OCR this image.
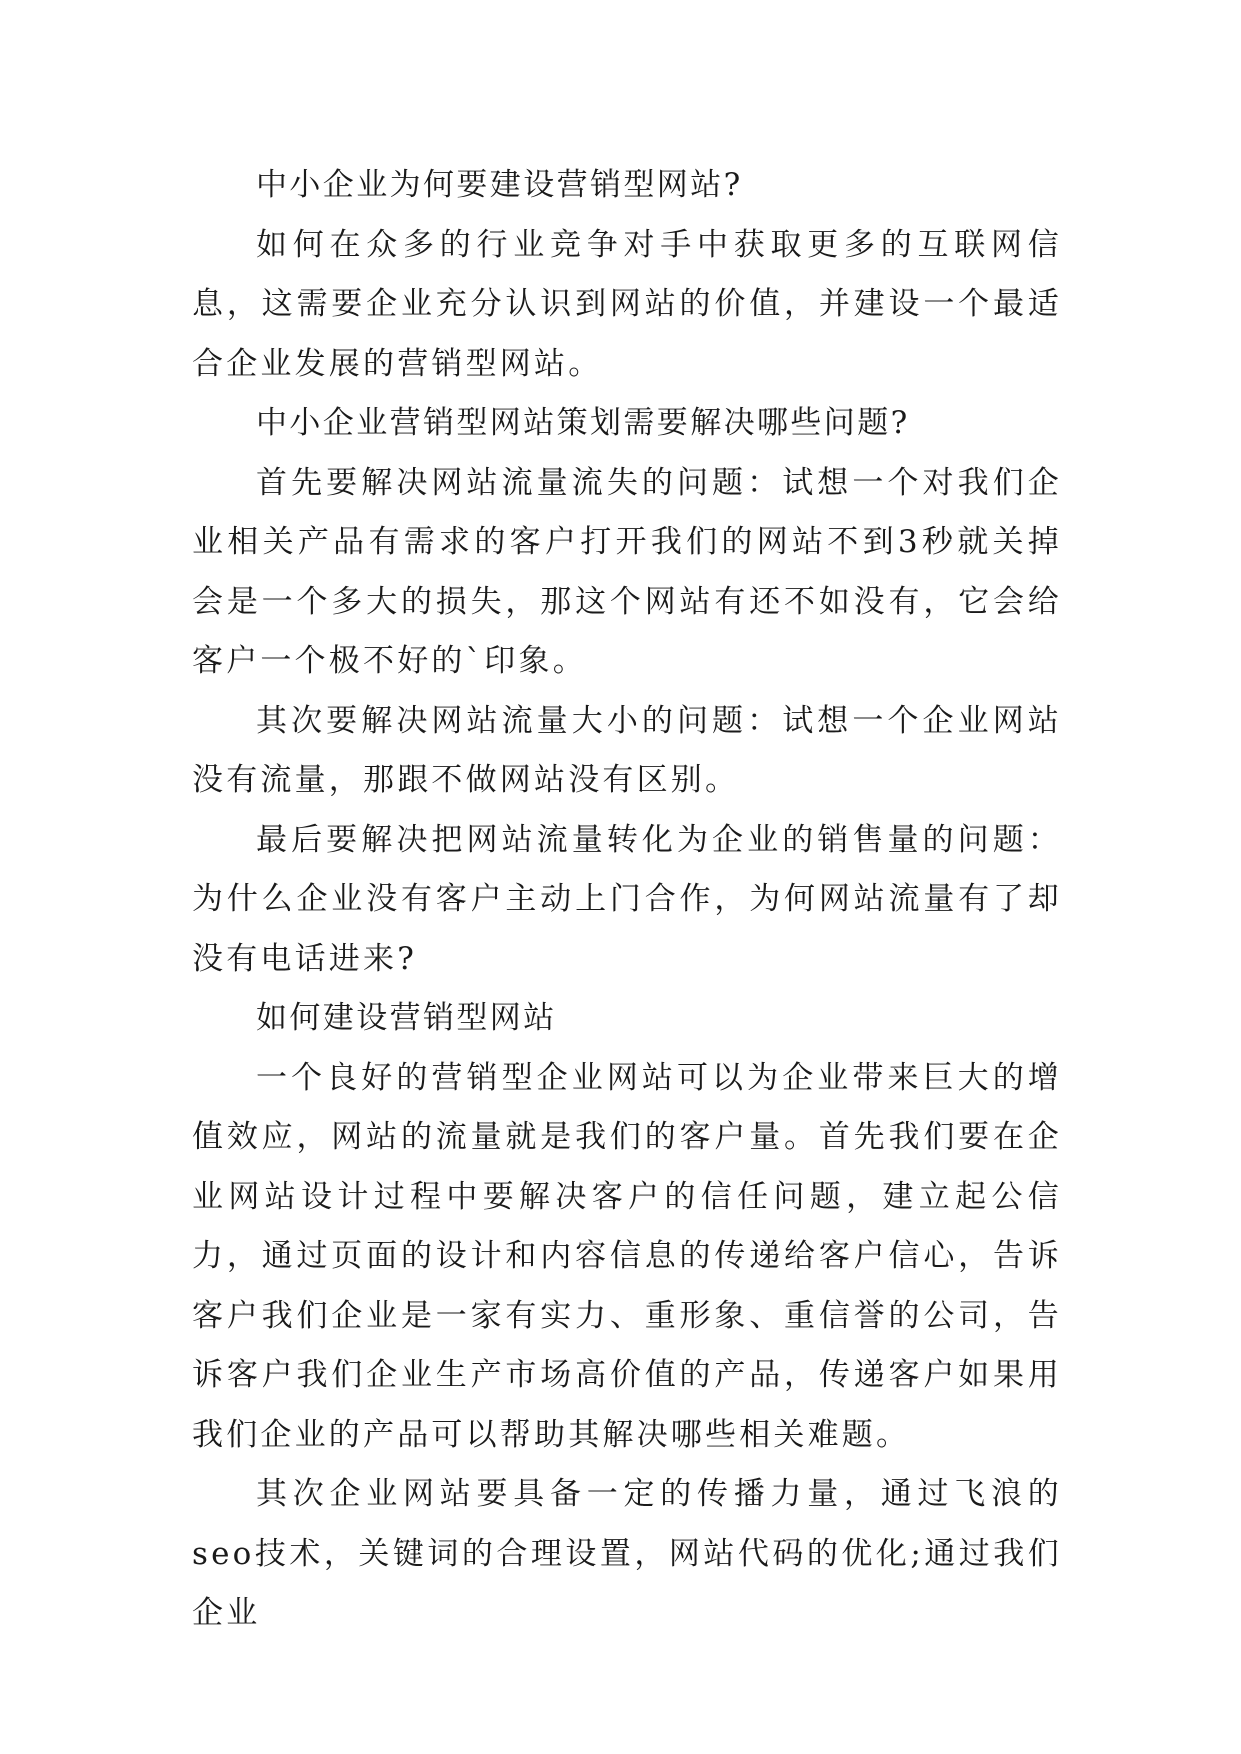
中小企业为何要建设营销型网站?

如何在众多的行业竞争对手中获取更多的互联网信息，这需要企业充分认识到网站的价值，并建设一个最适合企业发展的营销型网站。

中小企业营销型网站策划需要解决哪些问题?

首先要解决网站流量流失的问题：试想一个对我们企业相关产品有需求的客户打开我们的网站不到3秒就关掉会是一个多大的损失，那这个网站有还不如没有，它会给客户一个极不好的`印象。

其次要解决网站流量大小的问题：试想一个企业网站没有流量，那跟不做网站没有区别。

最后要解决把网站流量转化为企业的销售量的问题：为什么企业没有客户主动上门合作，为何网站流量有了却没有电话进来?

如何建设营销型网站

一个良好的营销型企业网站可以为企业带来巨大的增值效应，网站的流量就是我们的客户量。首先我们要在企业网站设计过程中要解决客户的信任问题，建立起公信力，通过页面的设计和内容信息的传递给客户信心，告诉客户我们企业是一家有实力、重形象、重信誉的公司，告诉客户我们企业生产市场高价值的产品，传递客户如果用我们企业的产品可以帮助其解决哪些相关难题。

其次企业网站要具备一定的传播力量，通过飞浪的seo技术，关键词的合理设置，网站代码的优化;通过我们企业
